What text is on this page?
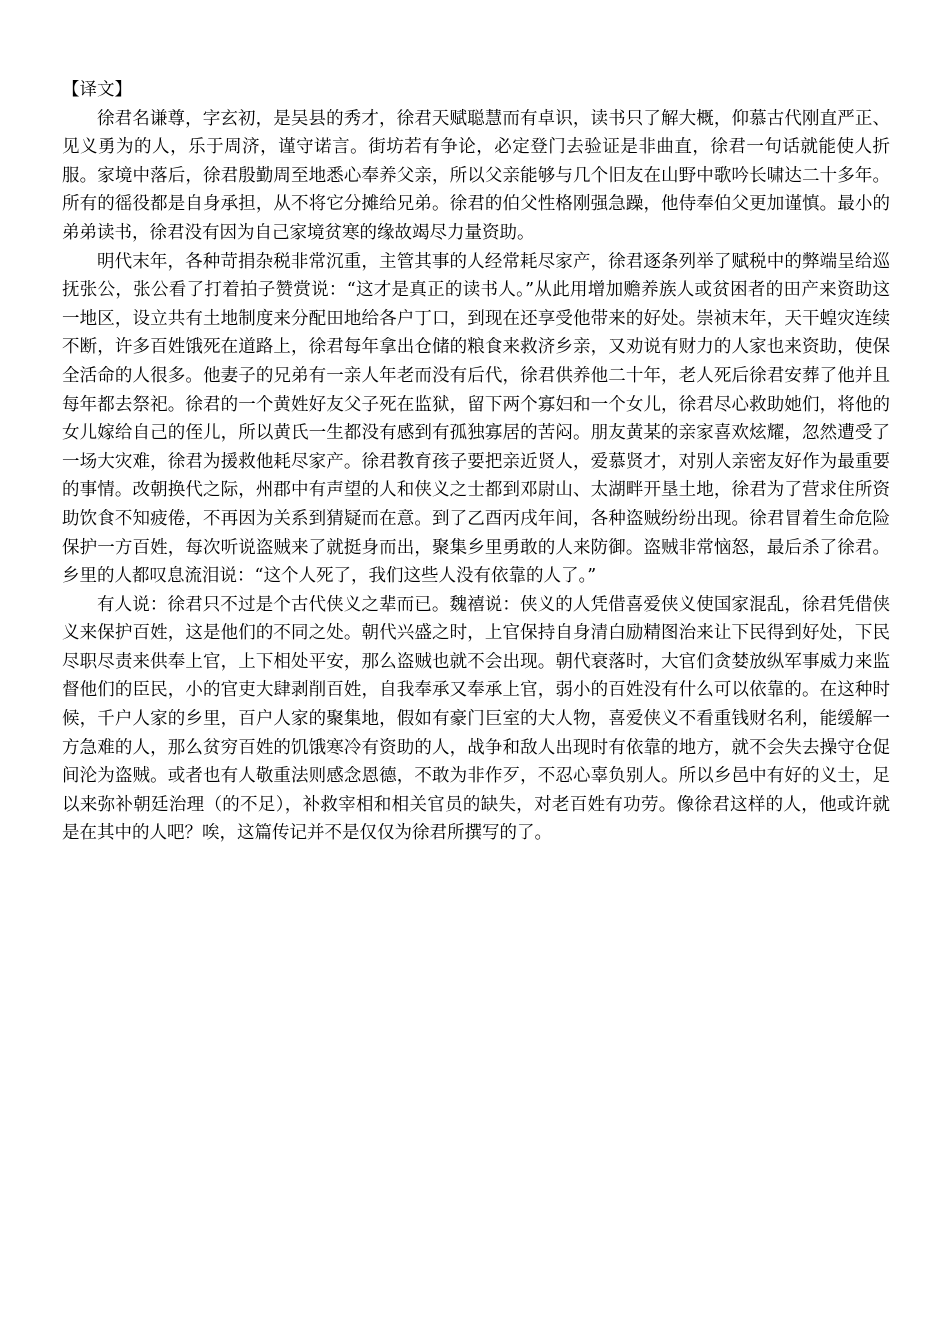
【译文】

徐君名谦尊，字玄初，是吴县的秀才，徐君天赋聪慧而有卓识，读书只了解大概，仰慕古代刚直严正、见义勇为的人，乐于周济，谨守诺言。街坊若有争论，必定登门去验证是非曲直，徐君一句话就能使人折服。家境中落后，徐君殷勤周至地悉心奉养父亲，所以父亲能够与几个旧友在山野中歌吟长啸达二十多年。所有的徭役都是自身承担，从不将它分摊给兄弟。徐君的伯父性格刚强急躁，他侍奉伯父更加谨慎。最小的弟弟读书，徐君没有因为自己家境贫寒的缘故竭尽力量资助。

明代末年，各种苛捐杂税非常沉重，主管其事的人经常耗尽家产，徐君逐条列举了赋税中的弊端呈给巡抚张公，张公看了打着拍子赞赏说：“这才是真正的读书人。”从此用增加赡养族人或贫困者的田产来资助这一地区，设立共有土地制度来分配田地给各户丁口，到现在还享受他带来的好处。崇祯末年，天干蝗灾连续不断，许多百姓饿死在道路上，徐君每年拿出仓储的粮食来救济乡亲，又劝说有财力的人家也来资助，使保全活命的人很多。他妻子的兄弟有一亲人年老而没有后代，徐君供养他二十年，老人死后徐君安葬了他并且每年都去祭祀。徐君的一个黄姓好友父子死在监狱，留下两个寡妇和一个女儿，徐君尽心救助她们，将他的女儿嫁给自己的侄儿，所以黄氏一生都没有感到有孤独寡居的苦闷。朋友黄某的亲家喜欢炫耀，忽然遭受了一场大灾难，徐君为援救他耗尽家产。徐君教育孩子要把亲近贤人，爱慕贤才，对别人亲密友好作为最重要的事情。改朝换代之际，州郡中有声望的人和侠义之士都到邓尉山、太湖畔开垦土地，徐君为了营求住所资助饮食不知疲倦，不再因为关系到猜疑而在意。到了乙酉丙戌年间，各种盗贼纷纷出现。徐君冒着生命危险保护一方百姓，每次听说盗贼来了就挺身而出，聚集乡里勇敢的人来防御。盗贼非常恼怒，最后杀了徐君。乡里的人都叹息流泪说：“这个人死了，我们这些人没有依靠的人了。”

有人说：徐君只不过是个古代侠义之辈而已。魏禧说：侠义的人凭借喜爱侠义使国家混乱，徐君凭借侠义来保护百姓，这是他们的不同之处。朝代兴盛之时，上官保持自身清白励精图治来让下民得到好处，下民尽职尽责来供奉上官，上下相处平安，那么盗贼也就不会出现。朝代衰落时，大官们贪婪放纵军事威力来监督他们的臣民，小的官吏大肆剥削百姓，自我奉承又奉承上官，弱小的百姓没有什么可以依靠的。在这种时候，千户人家的乡里，百户人家的聚集地，假如有豪门巨室的大人物，喜爱侠义不看重钱财名利，能缓解一方急难的人，那么贫穷百姓的饥饿寒冷有资助的人，战争和敌人出现时有依靠的地方，就不会失去操守仓促间沦为盗贼。或者也有人敬重法则感念恩德，不敢为非作歹，不忍心辜负别人。所以乡邑中有好的义士，足以来弥补朝廷治理（的不足），补救宰相和相关官员的缺失，对老百姓有功劳。像徐君这样的人，他或许就是在其中的人吧？唉，这篇传记并不是仅仅为徐君所撰写的了。
